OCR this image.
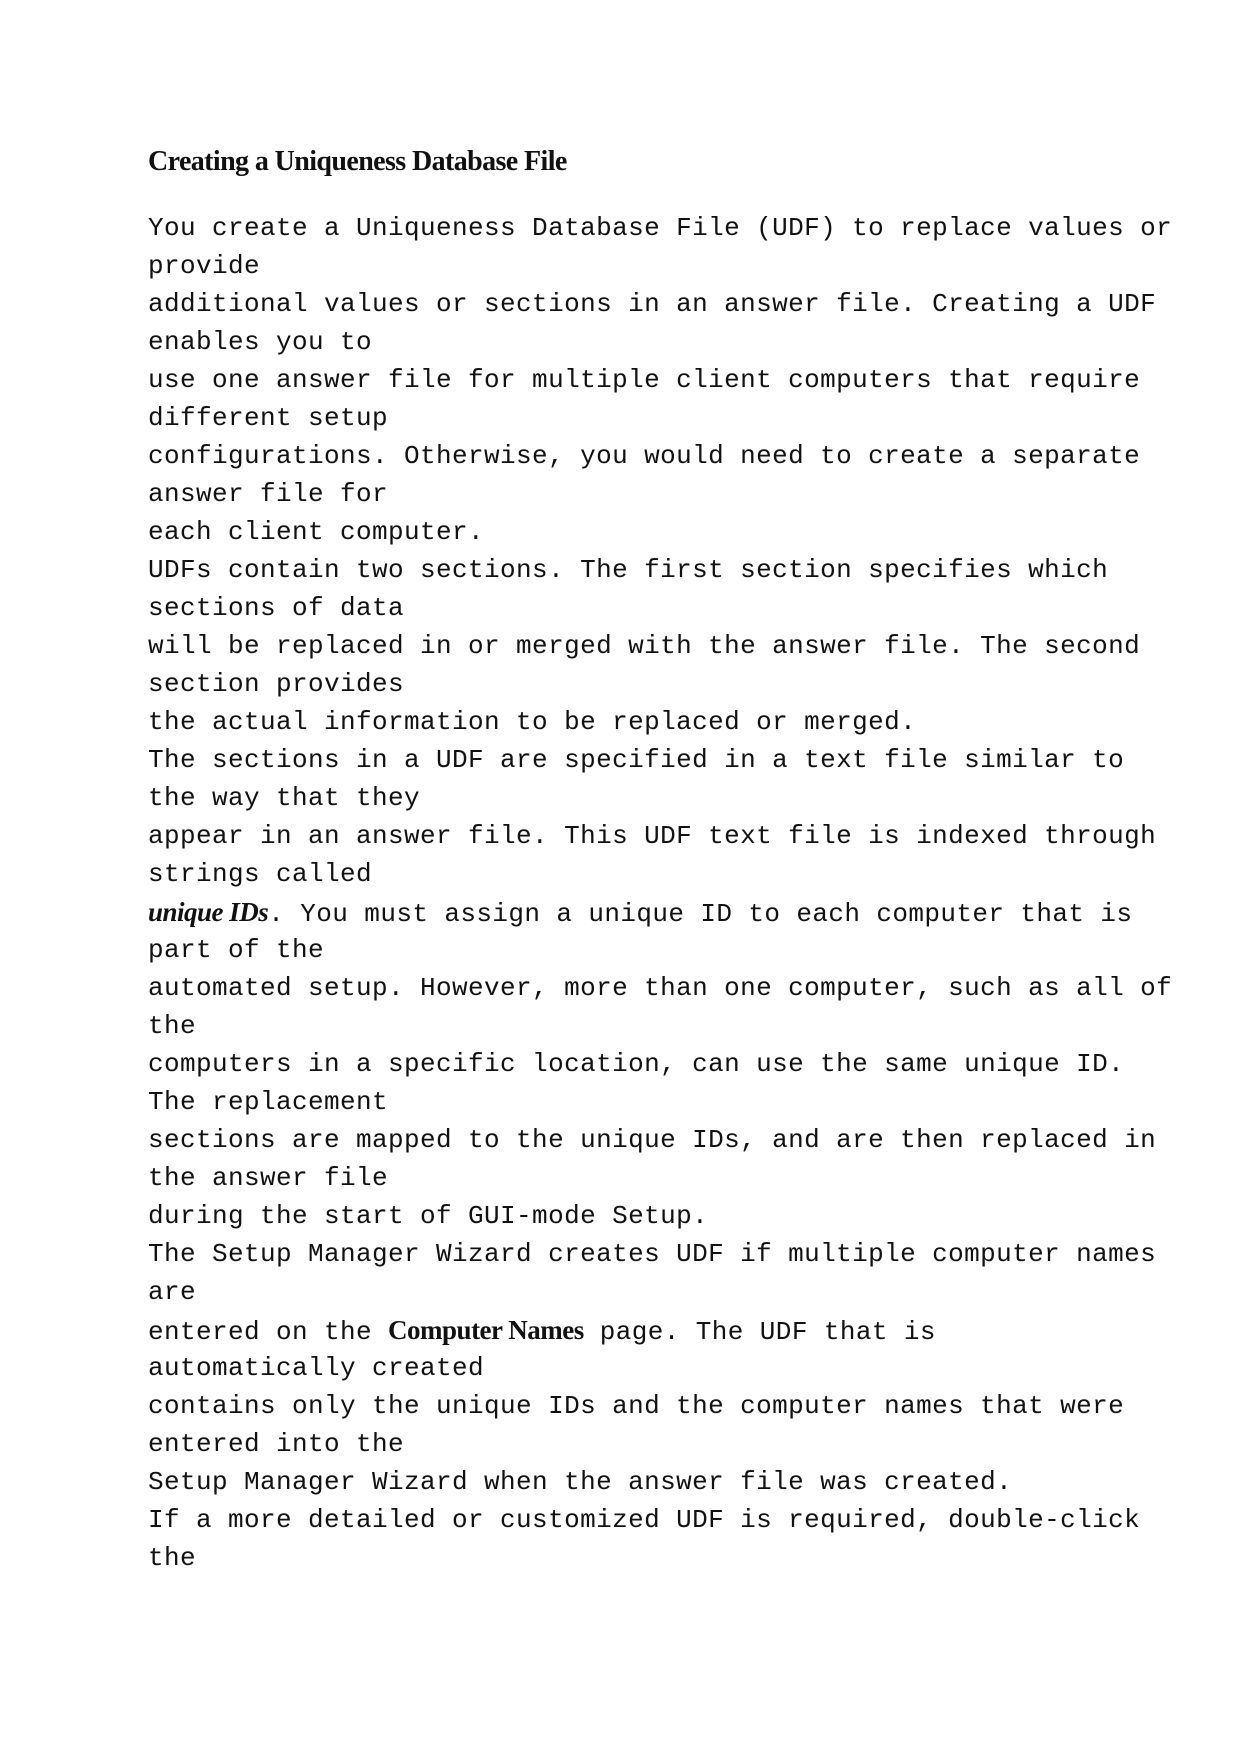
Creating a Uniqueness Database File
You create a Uniqueness Database File (UDF) to replace values or
provide
additional values or sections in an answer file. Creating a UDF
enables you to
use one answer file for multiple client computers that require
different setup
configurations. Otherwise, you would need to create a separate
answer file for
each client computer.
UDFs contain two sections. The first section specifies which
sections of data
will be replaced in or merged with the answer file. The second
section provides
the actual information to be replaced or merged.
The sections in a UDF are specified in a text file similar to
the way that they
appear in an answer file. This UDF text file is indexed through
strings called
unique IDs. You must assign a unique ID to each computer that is
part of the
automated setup. However, more than one computer, such as all of
the
computers in a specific location, can use the same unique ID.
The replacement
sections are mapped to the unique IDs, and are then replaced in
the answer file
during the start of GUI-mode Setup.
The Setup Manager Wizard creates UDF if multiple computer names
are
entered on the Computer Names page. The UDF that is
automatically created
contains only the unique IDs and the computer names that were
entered into the
Setup Manager Wizard when the answer file was created.
If a more detailed or customized UDF is required, double-click
the
